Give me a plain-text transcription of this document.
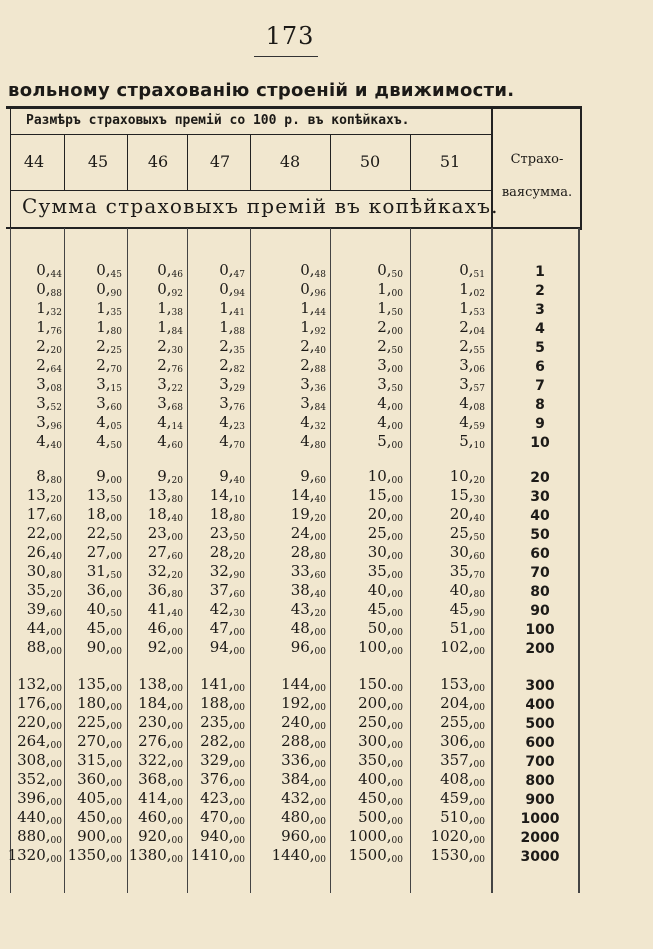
173
вольному страхованію строеній и движимости.
Размѣръ страховыхъ премій со 100 р. въ копѣйкахъ.
Страхо-
ваясумма.
Сумма страховыхъ премій въ копѣйкахъ.
44	45	46	47	48	50	51
$0,_{44}$	$0,_{45}$	$0,_{46}$	$0,_{47}$	$0,_{48}$	$0,_{50}$	$0,_{51}$	1
$0,_{88}$	$0,_{90}$	$0,_{92}$	$0,_{94}$	$0,_{96}$	$1,_{00}$	$1,_{02}$	2
$1,_{32}$	$1,_{35}$	$1,_{38}$	$1,_{41}$	$1,_{44}$	$1,_{50}$	$1,_{53}$	3
$1,_{76}$	$1,_{80}$	$1,_{84}$	$1,_{88}$	$1,_{92}$	$2,_{00}$	$2,_{04}$	4
$2,_{20}$	$2,_{25}$	$2,_{30}$	$2,_{35}$	$2,_{40}$	$2,_{50}$	$2,_{55}$	5
$2,_{64}$	$2,_{70}$	$2,_{76}$	$2,_{82}$	$2,_{88}$	$3,_{00}$	$3,_{06}$	6
$3,_{08}$	$3,_{15}$	$3,_{22}$	$3,_{29}$	$3,_{36}$	$3,_{50}$	$3,_{57}$	7
$3,_{52}$	$3,_{60}$	$3,_{68}$	$3,_{76}$	$3,_{84}$	$4,_{00}$	$4,_{08}$	8
$3,_{96}$	$4,_{05}$	$4,_{14}$	$4,_{23}$	$4,_{32}$	$4,_{00}$	$4,_{59}$	9
$4,_{40}$	$4,_{50}$	$4,_{60}$	$4,_{70}$	$4,_{80}$	$5,_{00}$	$5,_{10}$	10
$8,_{80}$	$9,_{00}$	$9,_{20}$	$9,_{40}$	$9,_{60}$	$10,_{00}$	$10,_{20}$	20
$13,_{20}$	$13,_{50}$	$13,_{80}$	$14,_{10}$	$14,_{40}$	$15,_{00}$	$15,_{30}$	30
$17,_{60}$	$18,_{00}$	$18,_{40}$	$18,_{80}$	$19,_{20}$	$20,_{00}$	$20,_{40}$	40
$22,_{00}$	$22,_{50}$	$23,_{00}$	$23,_{50}$	$24,_{00}$	$25,_{00}$	$25,_{50}$	50
$26,_{40}$	$27,_{00}$	$27,_{60}$	$28,_{20}$	$28,_{80}$	$30,_{00}$	$30,_{60}$	60
$30,_{80}$	$31,_{50}$	$32,_{20}$	$32,_{90}$	$33,_{60}$	$35,_{00}$	$35,_{70}$	70
$35,_{20}$	$36,_{00}$	$36,_{80}$	$37,_{60}$	$38,_{40}$	$40,_{00}$	$40,_{80}$	80
$39,_{60}$	$40,_{50}$	$41,_{40}$	$42,_{30}$	$43,_{20}$	$45,_{00}$	$45,_{90}$	90
$44,_{00}$	$45,_{00}$	$46,_{00}$	$47,_{00}$	$48,_{00}$	$50,_{00}$	$51,_{00}$	100
$88,_{00}$	$90,_{00}$	$92,_{00}$	$94,_{00}$	$96,_{00}$	$100,_{00}$	$102,_{00}$	200
$132,_{00}$	$135,_{00}$	$138,_{00}$	$141,_{00}$	$144,_{00}$	$150._{00}$	$153,_{00}$	300
$176,_{00}$	$180,_{00}$	$184,_{00}$	$188,_{00}$	$192,_{00}$	$200,_{00}$	$204,_{00}$	400
$220,_{00}$	$225,_{00}$	$230,_{00}$	$235,_{00}$	$240,_{00}$	$250,_{00}$	$255,_{00}$	500
$264,_{00}$	$270,_{00}$	$276,_{00}$	$282,_{00}$	$288,_{00}$	$300,_{00}$	$306,_{00}$	600
$308,_{00}$	$315,_{00}$	$322,_{00}$	$329,_{00}$	$336,_{00}$	$350,_{00}$	$357,_{00}$	700
$352,_{00}$	$360,_{00}$	$368,_{00}$	$376,_{00}$	$384,_{00}$	$400,_{00}$	$408,_{00}$	800
$396,_{00}$	$405,_{00}$	$414,_{00}$	$423,_{00}$	$432,_{00}$	$450,_{00}$	$459,_{00}$	900
$440,_{00}$	$450,_{00}$	$460,_{00}$	$470,_{00}$	$480,_{00}$	$500,_{00}$	$510,_{00}$	1000
$880,_{00}$	$900,_{00}$	$920,_{00}$	$940,_{00}$	$960,_{00}$	$1000,_{00}$	$1020,_{00}$	2000
$1320,_{00}$ $1350,_{00}$ $1380,_{00}$ $1410,_{00}$	$1440,_{00}$	$1500,_{00}$	$1530,_{00}$	3000
